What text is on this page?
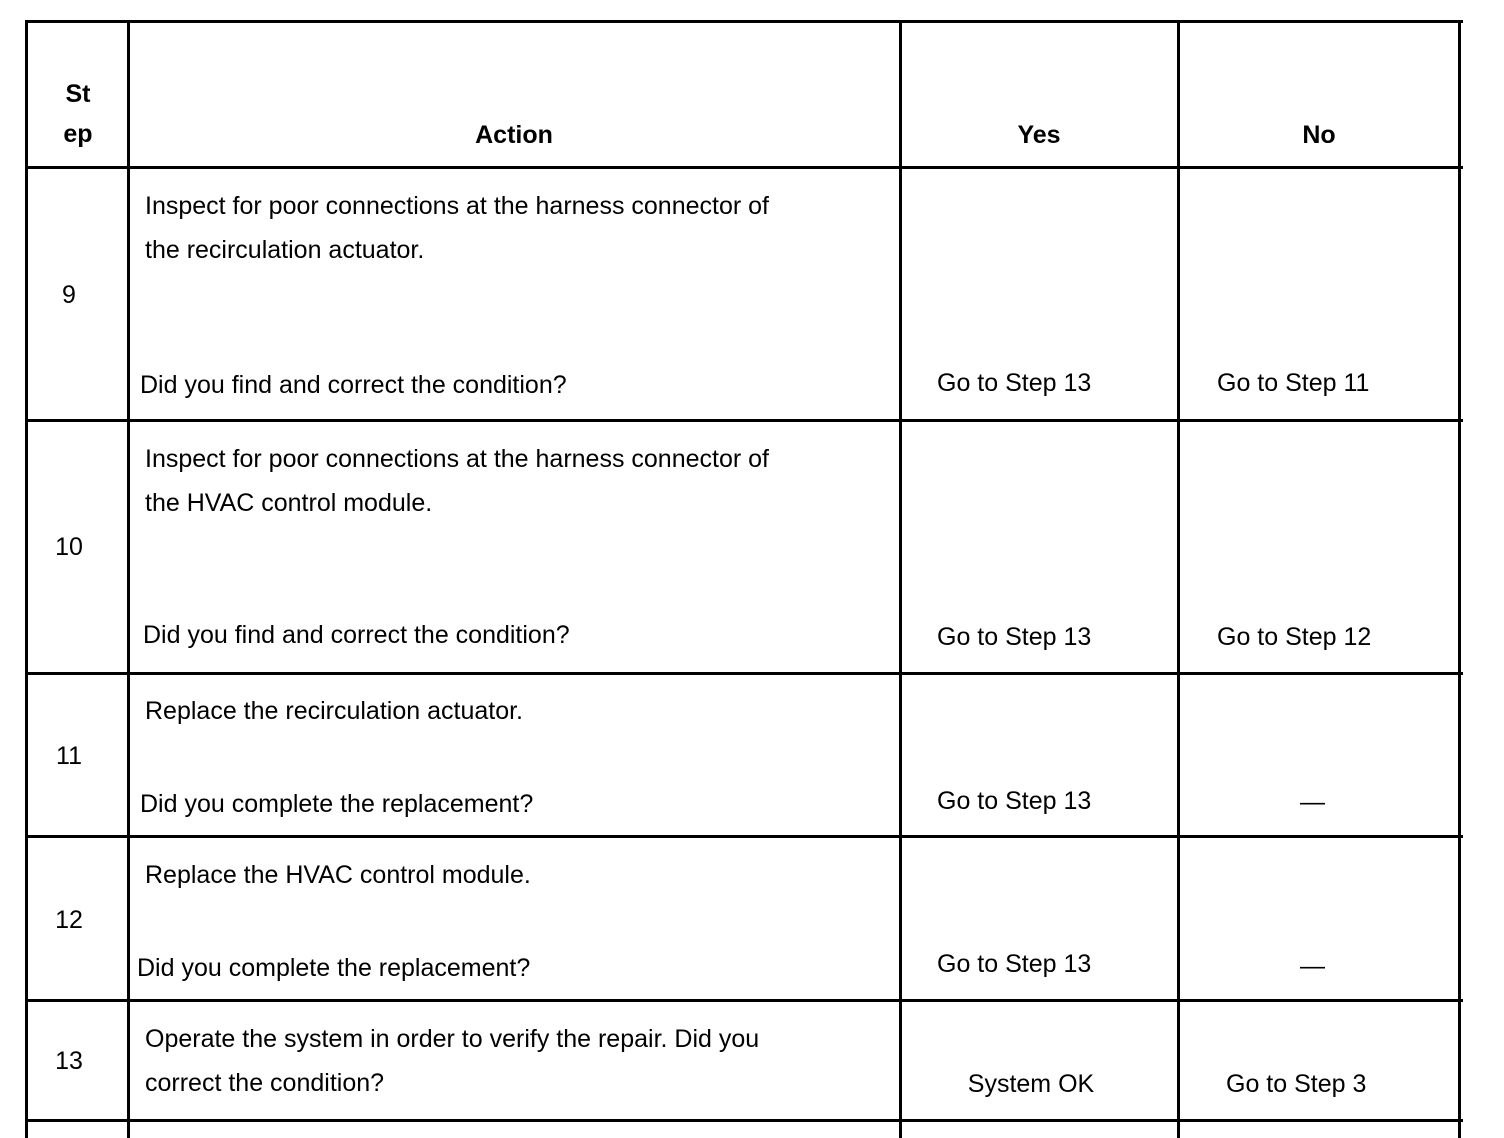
St
ep	Action	Yes	No
9
Inspect for poor connections at the harness connector of
the recirculation actuator.
Did you find and correct the condition?	Go to Step 13	Go to Step 11
10
Inspect for poor connections at the harness connector of
the HVAC control module.
Did you find and correct the condition?	Go to Step 13	Go to Step 12
11
Replace the recirculation actuator.
Did you complete the replacement?	Go to Step 13	—
12
Replace the HVAC control module.
Did you complete the replacement?	Go to Step 13	—
13
Operate the system in order to verify the repair. Did you
correct the condition?	System OK	Go to Step 3
